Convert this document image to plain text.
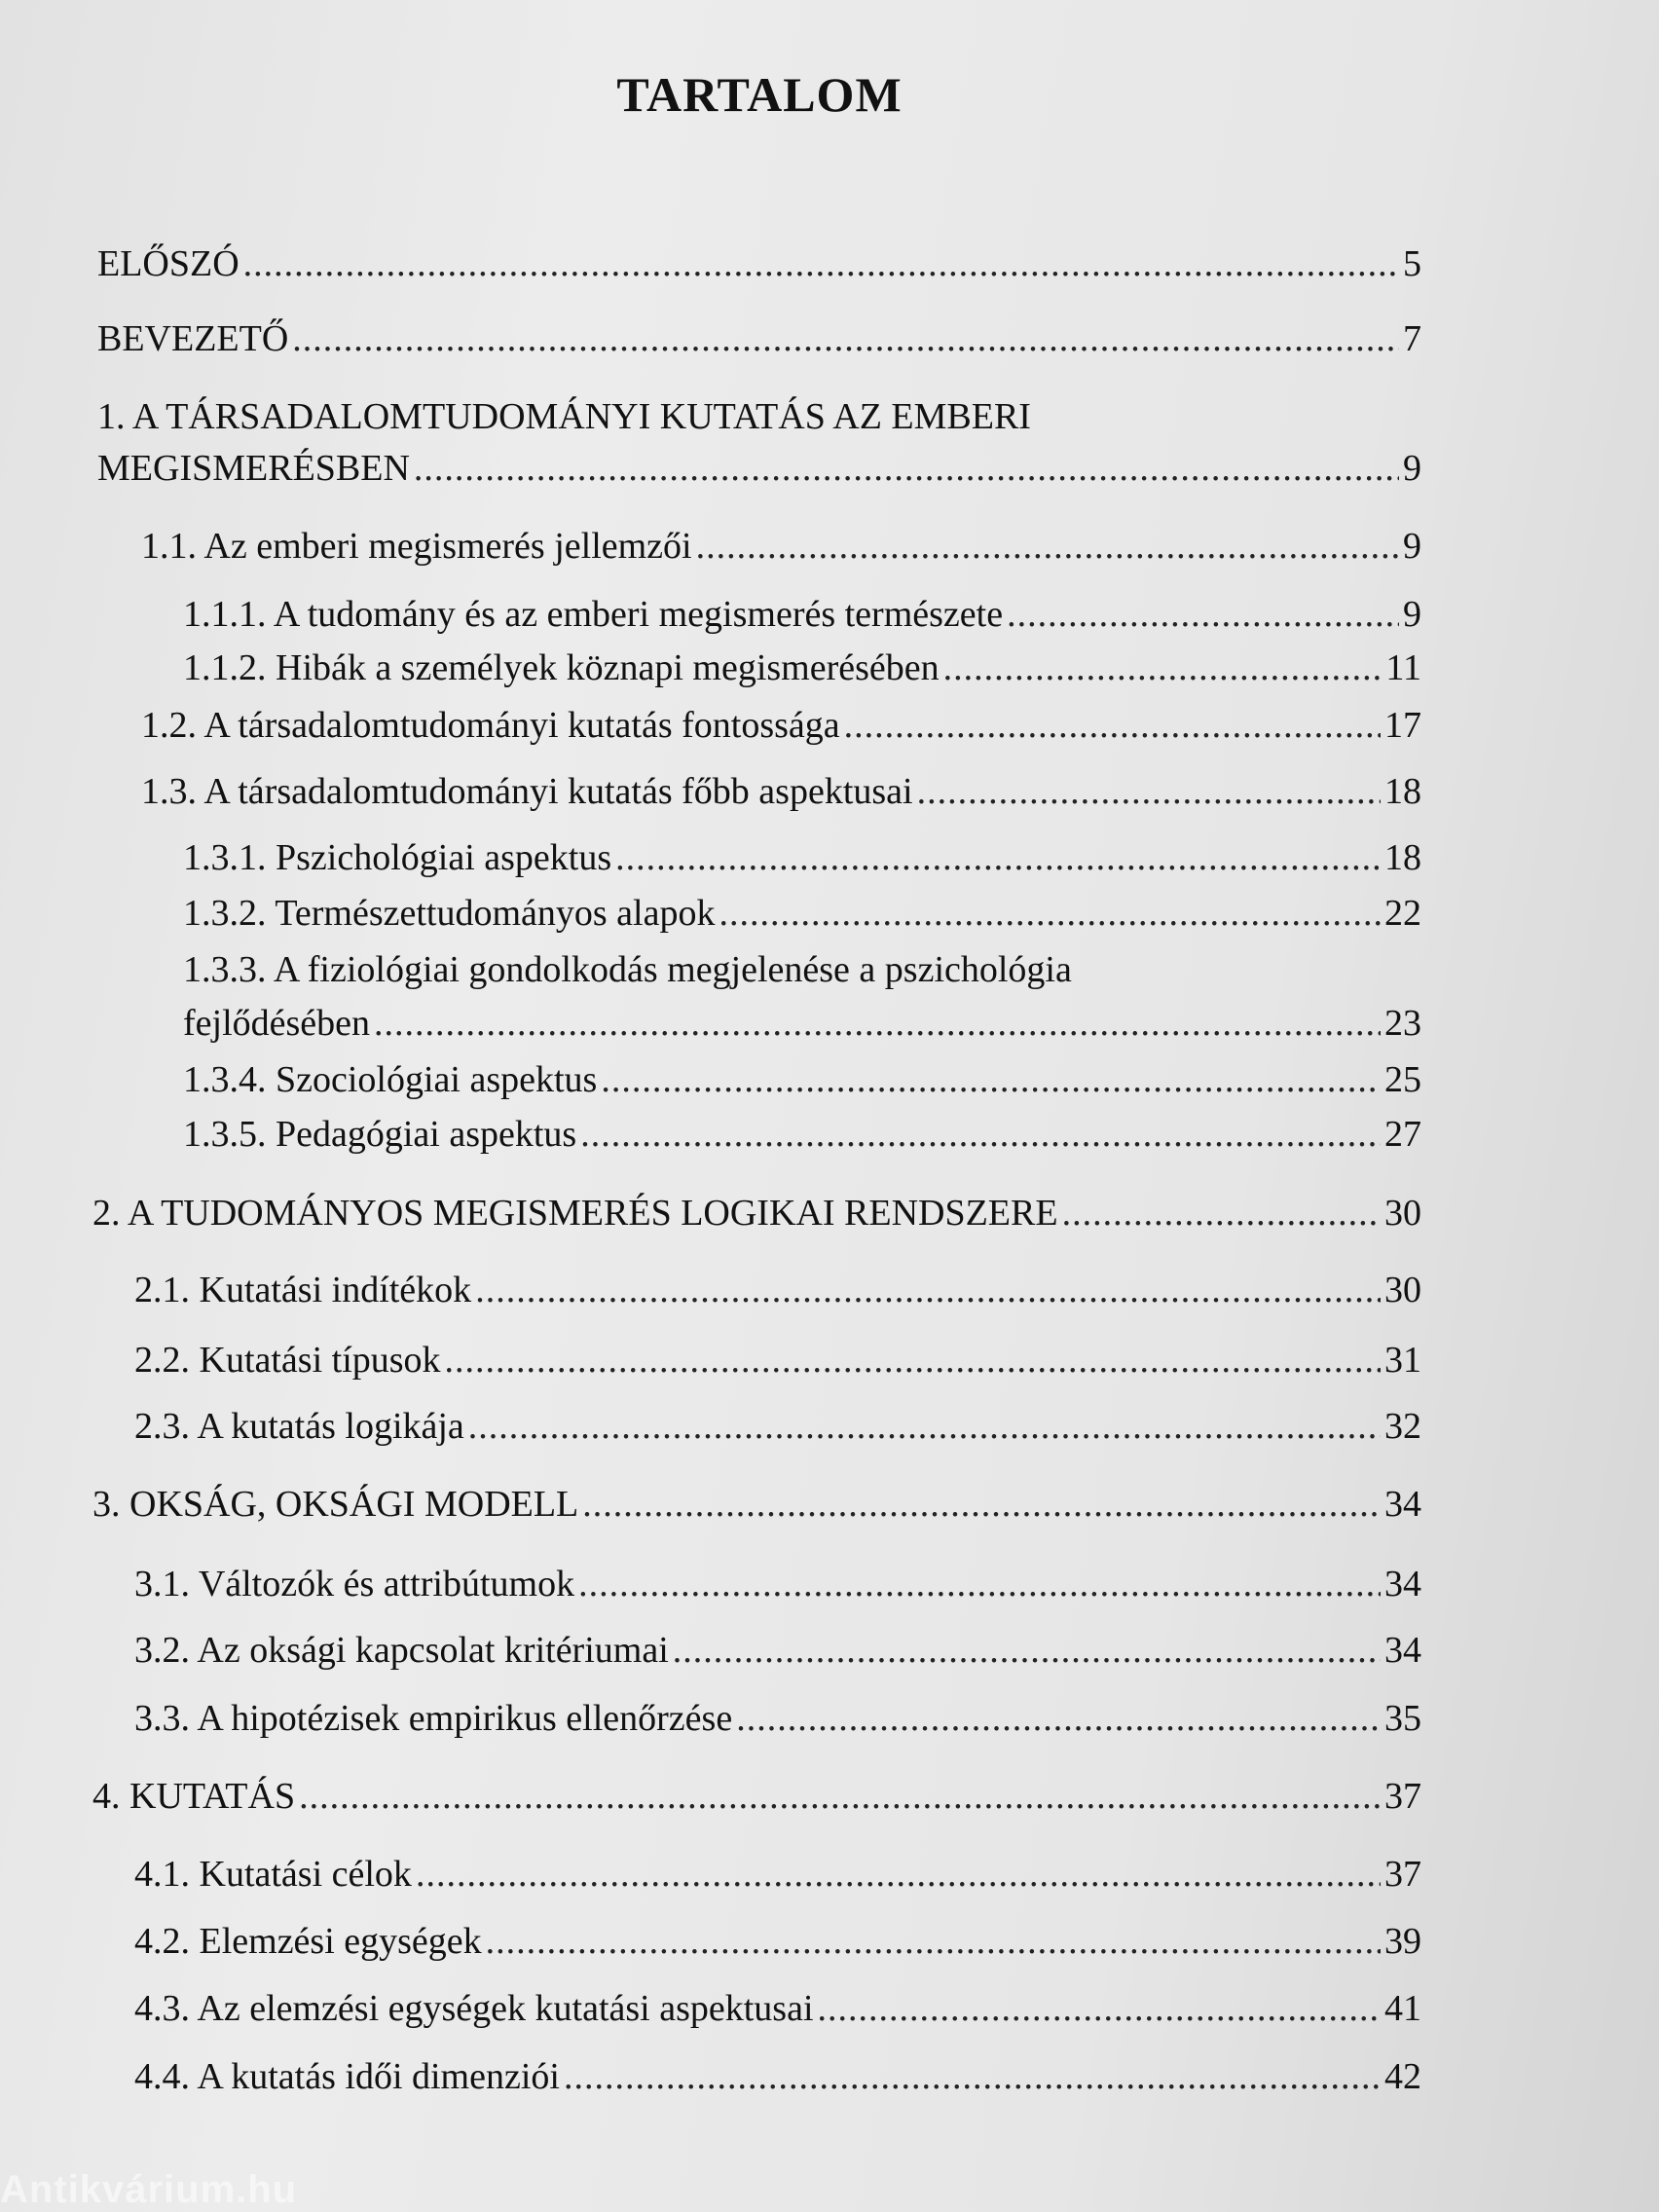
TARTALOM
ELŐSZÓ .....	5
BEVEZETŐ .....	7
1. A TÁRSADALOMTUDOMÁNYI KUTATÁS AZ EMBERI
MEGISMERÉSBEN .....	9
1.1. Az emberi megismerés jellemzői .....	9
1.1.1. A tudomány és az emberi megismerés természete .....	9
1.1.2. Hibák a személyek köznapi megismerésében .....	11
1.2. A társadalomtudományi kutatás fontossága .....	17
1.3. A társadalomtudományi kutatás főbb aspektusai .....	18
1.3.1. Pszichológiai aspektus .....	18
1.3.2. Természettudományos alapok .....	22
1.3.3. A fiziológiai gondolkodás megjelenése a pszichológia
fejlődésében .....	23
1.3.4. Szociológiai aspektus .....	25
1.3.5. Pedagógiai aspektus .....	27
2. A TUDOMÁNYOS MEGISMERÉS LOGIKAI RENDSZERE .....	30
2.1. Kutatási indítékok .....	30
2.2. Kutatási típusok .....	31
2.3. A kutatás logikája .....	32
3. OKSÁG, OKSÁGI MODELL .....	34
3.1. Változók és attribútumok .....	34
3.2. Az oksági kapcsolat kritériumai .....	34
3.3. A hipotézisek empirikus ellenőrzése .....	35
4. KUTATÁS .....	37
4.1. Kutatási célok .....	37
4.2. Elemzési egységek .....	39
4.3. Az elemzési egységek kutatási aspektusai .....	41
4.4. A kutatás idői dimenziói .....	42
Antikvárium.hu
